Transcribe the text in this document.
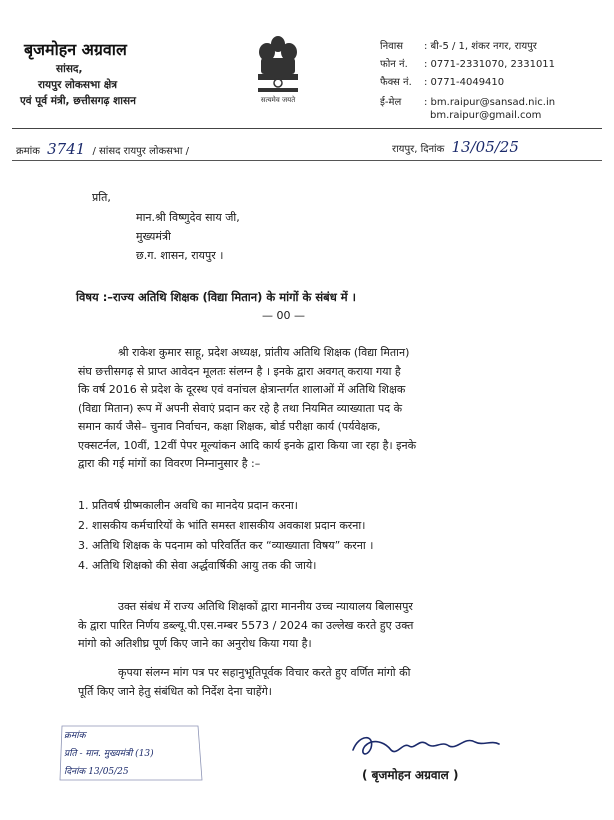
बृजमोहन अग्रवाल
सांसद,
रायपुर लोकसभा क्षेत्र
एवं पूर्व मंत्री, छत्तीसगढ़ शासन	सत्यमेव जयते
निवास : बी-5 / 1, शंकर नगर, रायपुर
फोन नं. : 0771-2331070, 2331011
फैक्स नं. : 0771-4049410
ई-मेल : bm.raipur@sansad.nic.in
bm.raipur@gmail.com
क्रमांक 3741 / सांसद रायपुर लोकसभा /	रायपुर, दिनांक 13/05/25
प्रति,
मान.श्री विष्णुदेव साय जी,
मुख्यमंत्री
छ.ग. शासन, रायपुर ।
विषय :–राज्य अतिथि शिक्षक (विद्या मितान) के मांगों के संबंध में ।
— 00 —
श्री राकेश कुमार साहू, प्रदेश अध्यक्ष, प्रांतीय अतिथि शिक्षक (विद्या मितान)
संघ छत्तीसगढ़ से प्राप्त आवेदन मूलतः संलग्न है । इनके द्वारा अवगत् कराया गया है
कि वर्ष 2016 से प्रदेश के दूरस्थ एवं वनांचल क्षेत्रान्तर्गत शालाओं में अतिथि शिक्षक
(विद्या मितान) रूप में अपनी सेवाएं प्रदान कर रहे है तथा नियमित व्याख्याता पद के
समान कार्य जैसे– चुनाव निर्वाचन, कक्षा शिक्षक, बोर्ड परीक्षा कार्य (पर्यवेक्षक,
एक्सटर्नल, 10वीं, 12वीं पेपर मूल्यांकन आदि कार्य इनके द्वारा किया जा रहा है। इनके
द्वारा की गई मांगों का विवरण निम्नानुसार है :–
1. प्रतिवर्ष ग्रीष्मकालीन अवधि का मानदेय प्रदान करना।
2. शासकीय कर्मचारियों के भांति समस्त शासकीय अवकाश प्रदान करना।
3. अतिथि शिक्षक के पदनाम को परिवर्तित कर “व्याख्याता विषय” करना ।
4. अतिथि शिक्षको की सेवा अर्द्धवार्षिकी आयु तक की जाये।
उक्त संबंध में राज्य अतिथि शिक्षकों द्वारा माननीय उच्च न्यायालय बिलासपुर
के द्वारा पारित निर्णय डब्ल्यू.पी.एस.नम्बर 5573 / 2024 का उल्लेख करते हुए उक्त
मांगो को अतिशीघ्र पूर्ण किए जाने का अनुरोध किया गया है।
कृपया संलग्न मांग पत्र पर सहानुभूतिपूर्वक विचार करते हुए वर्णित मांगो की
पूर्ति किए जाने हेतु संबंधित को निर्देश देना चाहेंगे।
( बृजमोहन अग्रवाल )
क्रमांक
प्रति - मान. मुख्यमंत्री (13)
दिनांक 13/05/25
